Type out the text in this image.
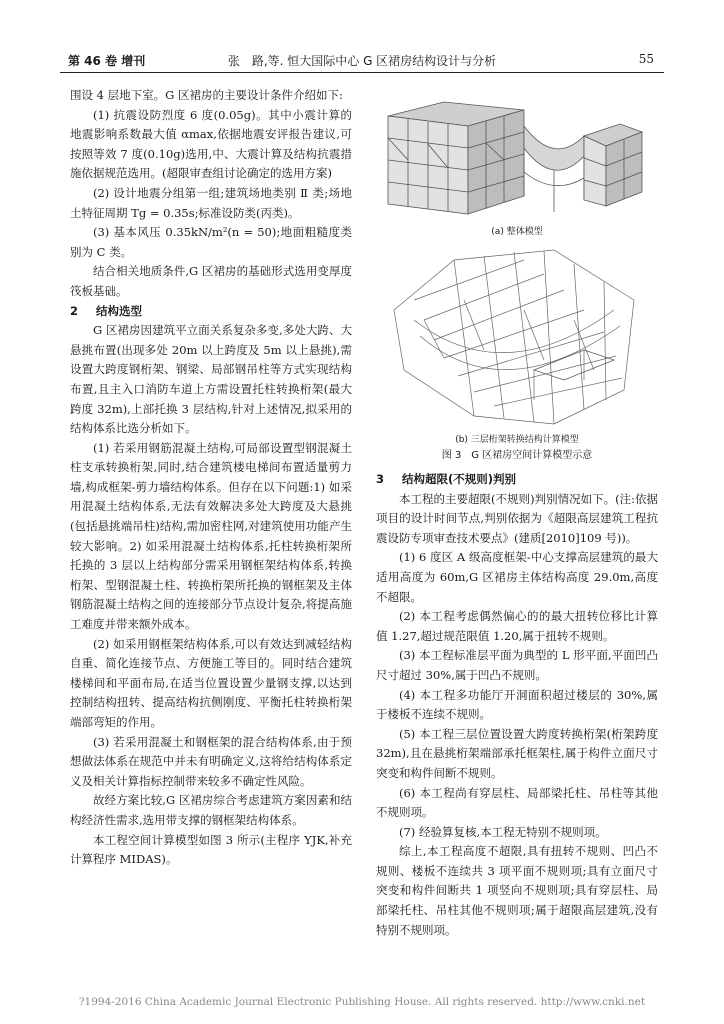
第 46 卷 增刊	张　路,等. 恒大国际中心 G 区裙房结构设计与分析	55

围设 4 层地下室。G 区裙房的主要设计条件介绍如下:

(1) 抗震设防烈度 6 度(0.05g)。其中小震计算的地震影响系数最大值 αmax,依据地震安评报告建议,可按照等效 7 度(0.10g)选用,中、大震计算及结构抗震措施依据规范选用。(超限审查组讨论确定的选用方案)

(2) 设计地震分组第一组;建筑场地类别 Ⅱ 类;场地土特征周期 Tg = 0.35s;标准设防类(丙类)。

(3) 基本风压 0.35kN/m²(n = 50);地面粗糙度类别为 C 类。

结合相关地质条件,G 区裙房的基础形式选用变厚度筏板基础。

2 结构选型

G 区裙房因建筑平立面关系复杂多变,多处大跨、大悬挑布置(出现多处 20m 以上跨度及 5m 以上悬挑),需设置大跨度钢桁架、钢梁、局部钢吊柱等方式实现结构布置,且主入口消防车道上方需设置托柱转换桁架(最大跨度 32m),上部托换 3 层结构,针对上述情况,拟采用的结构体系比选分析如下。

(1) 若采用钢筋混凝土结构,可局部设置型钢混凝土柱支承转换桁架,同时,结合建筑楼电梯间布置适量剪力墙,构成框架-剪力墙结构体系。但存在以下问题:1) 如采用混凝土结构体系,无法有效解决多处大跨度及大悬挑(包括悬挑端吊柱)结构,需加密柱网,对建筑使用功能产生较大影响。2) 如采用混凝土结构体系,托柱转换桁架所托换的 3 层以上结构部分需采用钢框架结构体系,转换桁架、型钢混凝土柱、转换桁架所托换的钢框架及主体钢筋混凝土结构之间的连接部分节点设计复杂,将提高施工难度并带来额外成本。

(2) 如采用钢框架结构体系,可以有效达到减轻结构自重、简化连接节点、方便施工等目的。同时结合建筑楼梯间和平面布局,在适当位置设置少量钢支撑,以达到控制结构扭转、提高结构抗侧刚度、平衡托柱转换桁架端部弯矩的作用。

(3) 若采用混凝土和钢框架的混合结构体系,由于预想做法体系在规范中并未有明确定义,这将给结构体系定义及相关计算指标控制带来较多不确定性风险。

故经方案比较,G 区裙房综合考虑建筑方案因素和结构经济性需求,选用带支撑的钢框架结构体系。

本工程空间计算模型如图 3 所示(主程序 YJK,补充计算程序 MIDAS)。

(a) 整体模型
(b) 三层桁架转换结构计算模型
图 3　G 区裙房空间计算模型示意

3 结构超限(不规则)判别

本工程的主要超限(不规则)判别情况如下。(注:依据项目的设计时间节点,判别依据为《超限高层建筑工程抗震设防专项审查技术要点》(建质[2010]109 号))。

(1) 6 度区 A 级高度框架-中心支撑高层建筑的最大适用高度为 60m,G 区裙房主体结构高度 29.0m,高度不超限。

(2) 本工程考虑偶然偏心的的最大扭转位移比计算值 1.27,超过规范限值 1.20,属于扭转不规则。

(3) 本工程标准层平面为典型的 L 形平面,平面凹凸尺寸超过 30%,属于凹凸不规则。

(4) 本工程多功能厅开洞面积超过楼层的 30%,属于楼板不连续不规则。

(5) 本工程三层位置设置大跨度转换桁架(桁架跨度 32m),且在悬挑桁架端部承托框架柱,属于构件立面尺寸突变和构件间断不规则。

(6) 本工程尚有穿层柱、局部梁托柱、吊柱等其他不规则项。

(7) 经验算复核,本工程无特别不规则项。

综上,本工程高度不超限,具有扭转不规则、凹凸不规则、楼板不连续共 3 项平面不规则项;具有立面尺寸突变和构件间断共 1 项竖向不规则项;具有穿层柱、局部梁托柱、吊柱其他不规则项;属于超限高层建筑,没有特别不规则项。

?1994-2016 China Academic Journal Electronic Publishing House. All rights reserved. http://www.cnki.net
